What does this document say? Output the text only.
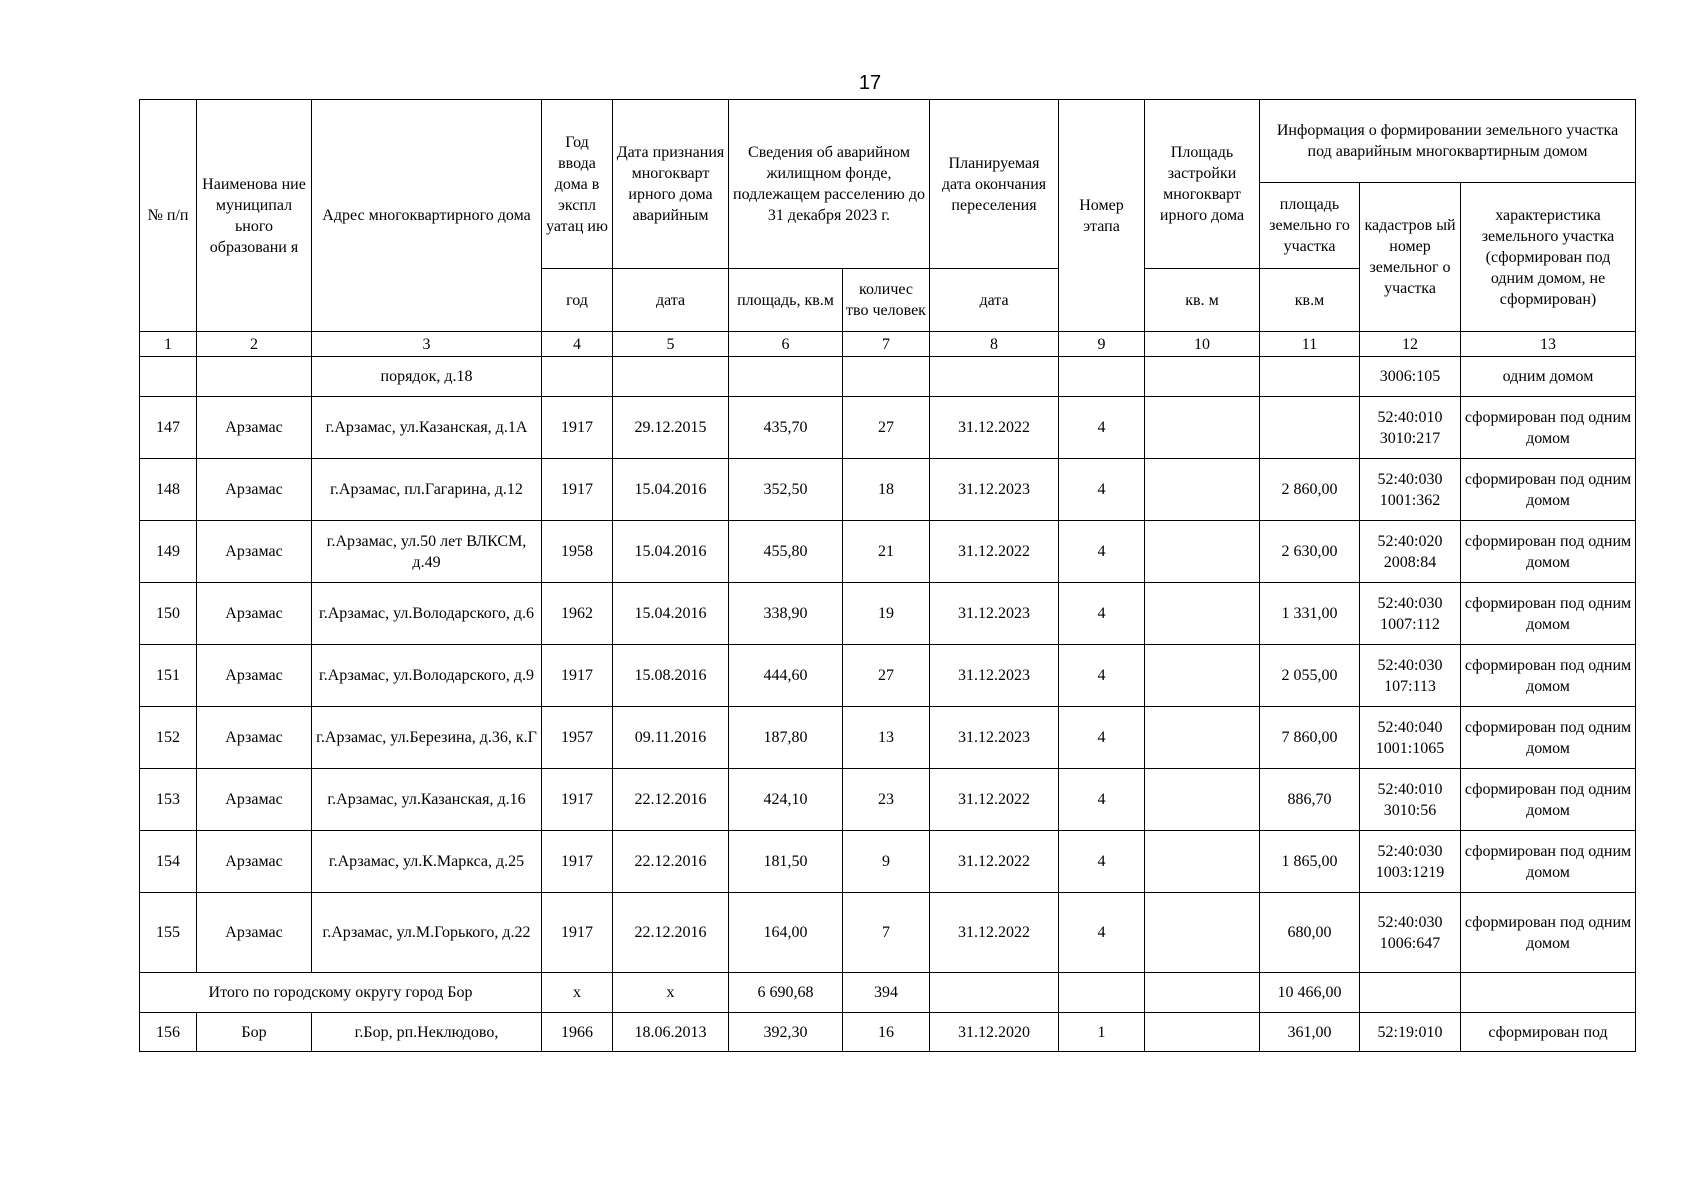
17
№ п/п	Наименова ние муниципал ьного образовани я	Адрес многоквартирного дома	Год ввода дома в экспл уатац ию	Дата признания многокварт ирного дома аварийным	Сведения об аварийном жилищном фонде, подлежащем расселению до 31 декабря 2023 г.		Планируемая дата окончания переселения	Номер этапа	Площадь застройки многокварт ирного дома	Информация о формировании земельного участка под аварийным многоквартирным домом		
										площадь земельно го участка	кадастров ый номер земельног о участка	характеристика земельного участка (сформирован под одним домом, не сформирован)
			год	дата	площадь, кв.м	количес тво человек	дата		кв. м	кв.м		
1	2	3	4	5	6	7	8	9	10	11	12	13
		порядок, д.18									3006:105	одним домом
147	Арзамас	г.Арзамас, ул.Казанская, д.1А	1917	29.12.2015	435,70	27	31.12.2022	4			52:40:010 3010:217	сформирован под одним домом
148	Арзамас	г.Арзамас, пл.Гагарина, д.12	1917	15.04.2016	352,50	18	31.12.2023	4		2 860,00	52:40:030 1001:362	сформирован под одним домом
149	Арзамас	г.Арзамас, ул.50 лет ВЛКСМ, д.49	1958	15.04.2016	455,80	21	31.12.2022	4		2 630,00	52:40:020 2008:84	сформирован под одним домом
150	Арзамас	г.Арзамас, ул.Володарского, д.6	1962	15.04.2016	338,90	19	31.12.2023	4		1 331,00	52:40:030 1007:112	сформирован под одним домом
151	Арзамас	г.Арзамас, ул.Володарского, д.9	1917	15.08.2016	444,60	27	31.12.2023	4		2 055,00	52:40:030 107:113	сформирован под одним домом
152	Арзамас	г.Арзамас, ул.Березина, д.36, к.Г	1957	09.11.2016	187,80	13	31.12.2023	4		7 860,00	52:40:040 1001:1065	сформирован под одним домом
153	Арзамас	г.Арзамас, ул.Казанская, д.16	1917	22.12.2016	424,10	23	31.12.2022	4		886,70	52:40:010 3010:56	сформирован под одним домом
154	Арзамас	г.Арзамас, ул.К.Маркса, д.25	1917	22.12.2016	181,50	9	31.12.2022	4		1 865,00	52:40:030 1003:1219	сформирован под одним домом
155	Арзамас	г.Арзамас, ул.М.Горького, д.22	1917	22.12.2016	164,00	7	31.12.2022	4		680,00	52:40:030 1006:647	сформирован под одним домом
Итого по городскому округу город Бор			х	х	6 690,68	394				10 466,00		
156	Бор	г.Бор, рп.Неклюдово,	1966	18.06.2013	392,30	16	31.12.2020	1		361,00	52:19:010	сформирован под
